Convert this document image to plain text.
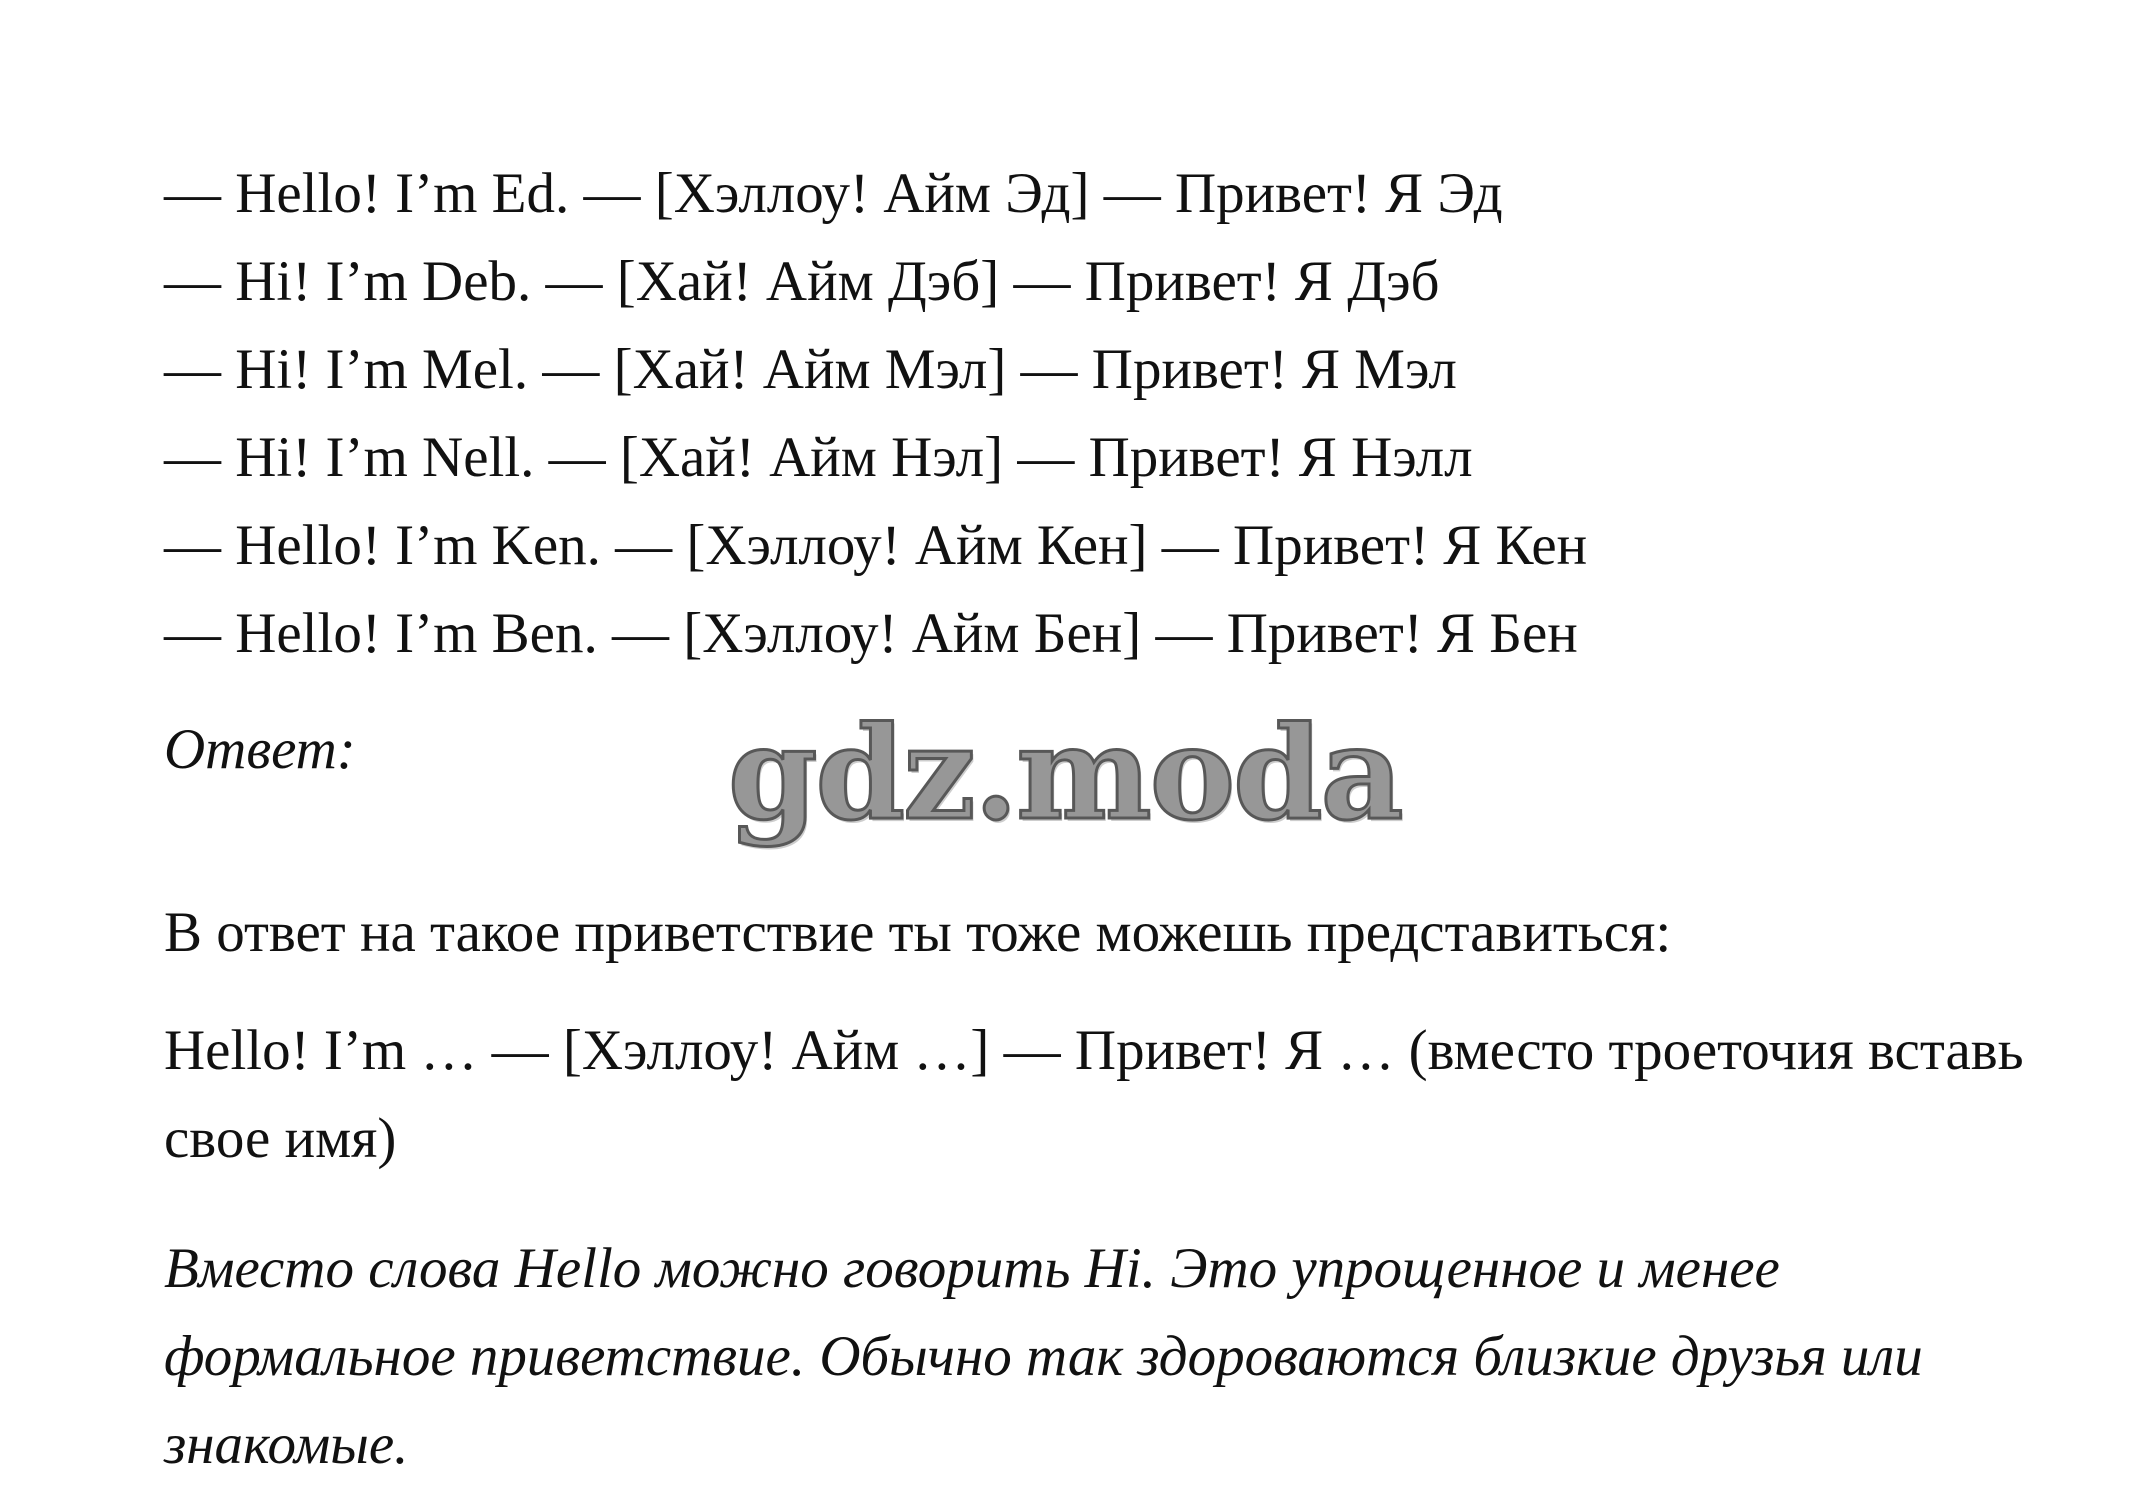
— Hello! I’m Ed. — [Хэллоу! Айм Эд] — Привет! Я Эд
— Hi! I’m Deb. — [Хай! Айм Дэб] — Привет! Я Дэб
— Hi! I’m Mel. — [Хай! Айм Мэл] — Привет! Я Мэл
— Hi! I’m Nell. — [Хай! Айм Нэл] — Привет! Я Нэлл
— Hello! I’m Ken. — [Хэллоу! Айм Кен] — Привет! Я Кен
— Hello! I’m Ben. — [Хэллоу! Айм Бен] — Привет! Я Бен
Ответ:	gdz.moda

В ответ на такое приветствие ты тоже можешь представиться:

Hello! I’m … — [Хэллоу! Айм …] — Привет! Я … (вместо троеточия вставь свое имя)

Вместо слова Hello можно говорить Hi. Это упрощенное и менее формальное приветствие. Обычно так здороваются близкие друзья или знакомые.
